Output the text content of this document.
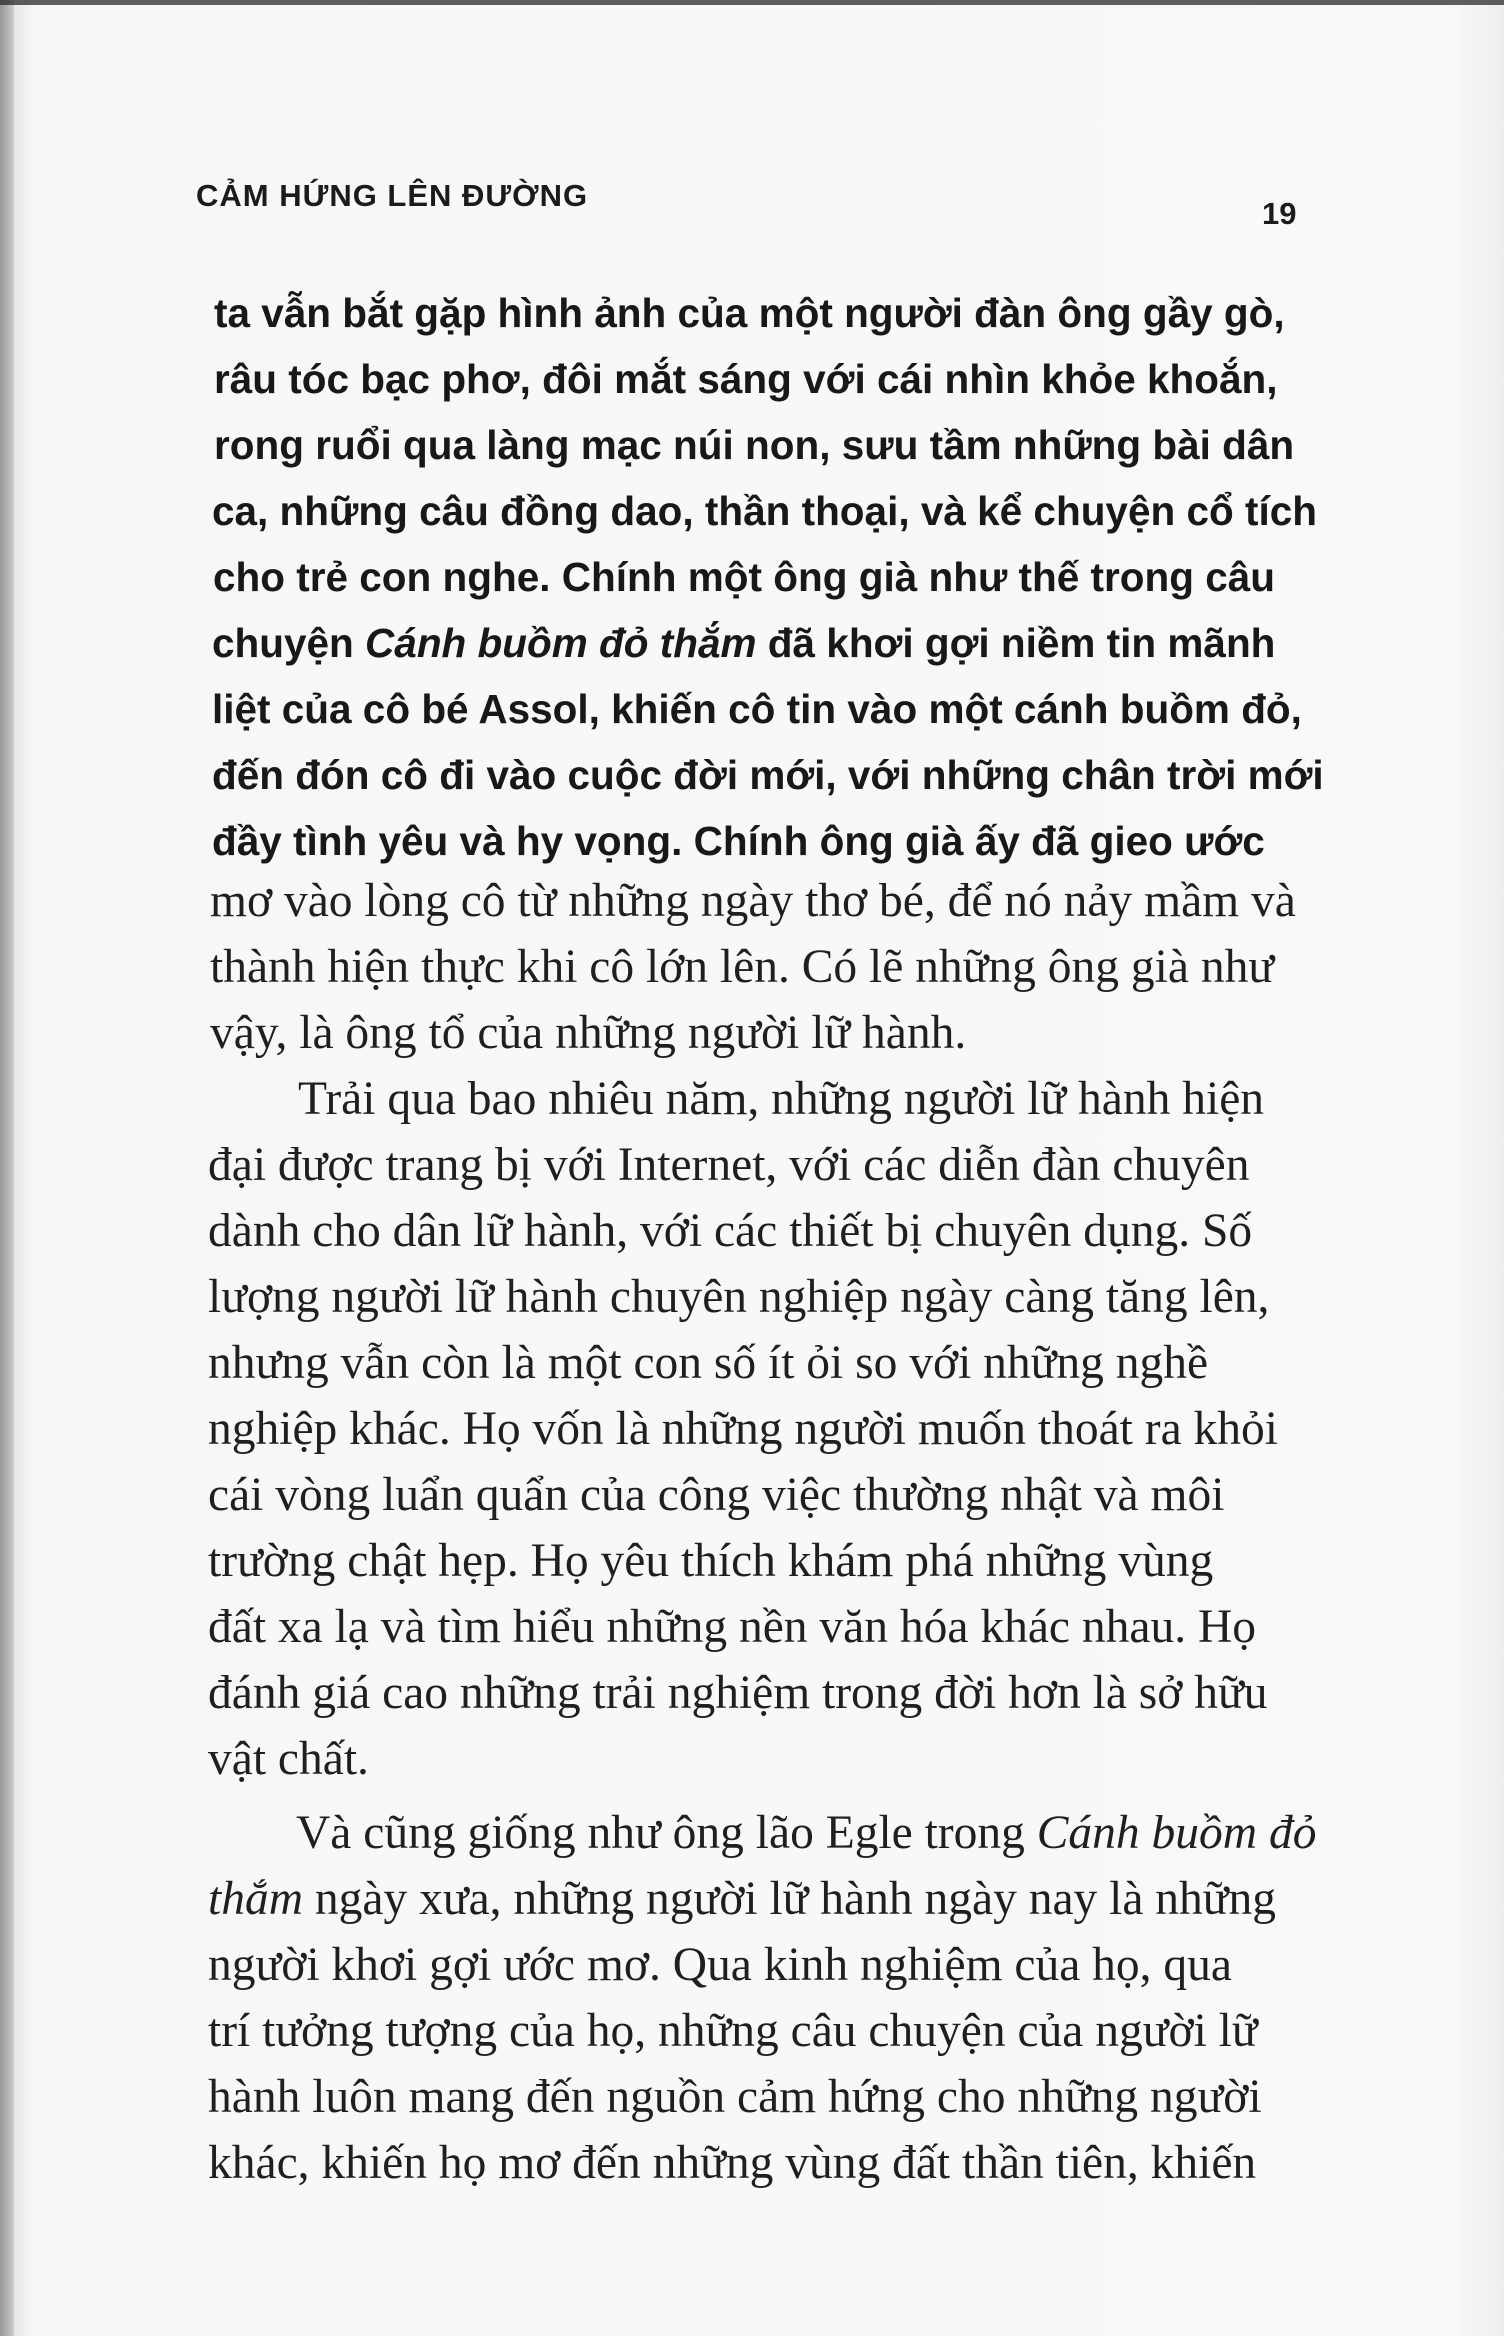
CẢM HỨNG LÊN ĐƯỜNG
19
ta vẫn bắt gặp hình ảnh của một người đàn ông gầy gò,
râu tóc bạc phơ, đôi mắt sáng với cái nhìn khỏe khoắn,
rong ruổi qua làng mạc núi non, sưu tầm những bài dân
ca, những câu đồng dao, thần thoại, và kể chuyện cổ tích
cho trẻ con nghe. Chính một ông già như thế trong câu
chuyện Cánh buồm đỏ thắm đã khơi gợi niềm tin mãnh
liệt của cô bé Assol, khiến cô tin vào một cánh buồm đỏ,
đến đón cô đi vào cuộc đời mới, với những chân trời mới
đầy tình yêu và hy vọng. Chính ông già ấy đã gieo ước
mơ vào lòng cô từ những ngày thơ bé, để nó nảy mầm và
thành hiện thực khi cô lớn lên. Có lẽ những ông già như
vậy, là ông tổ của những người lữ hành.
Trải qua bao nhiêu năm, những người lữ hành hiện
đại được trang bị với Internet, với các diễn đàn chuyên
dành cho dân lữ hành, với các thiết bị chuyên dụng. Số
lượng người lữ hành chuyên nghiệp ngày càng tăng lên,
nhưng vẫn còn là một con số ít ỏi so với những nghề
nghiệp khác. Họ vốn là những người muốn thoát ra khỏi
cái vòng luẩn quẩn của công việc thường nhật và môi
trường chật hẹp. Họ yêu thích khám phá những vùng
đất xa lạ và tìm hiểu những nền văn hóa khác nhau. Họ
đánh giá cao những trải nghiệm trong đời hơn là sở hữu
vật chất.
Và cũng giống như ông lão Egle trong Cánh buồm đỏ
thắm ngày xưa, những người lữ hành ngày nay là những
người khơi gợi ước mơ. Qua kinh nghiệm của họ, qua
trí tưởng tượng của họ, những câu chuyện của người lữ
hành luôn mang đến nguồn cảm hứng cho những người
khác, khiến họ mơ đến những vùng đất thần tiên, khiến
